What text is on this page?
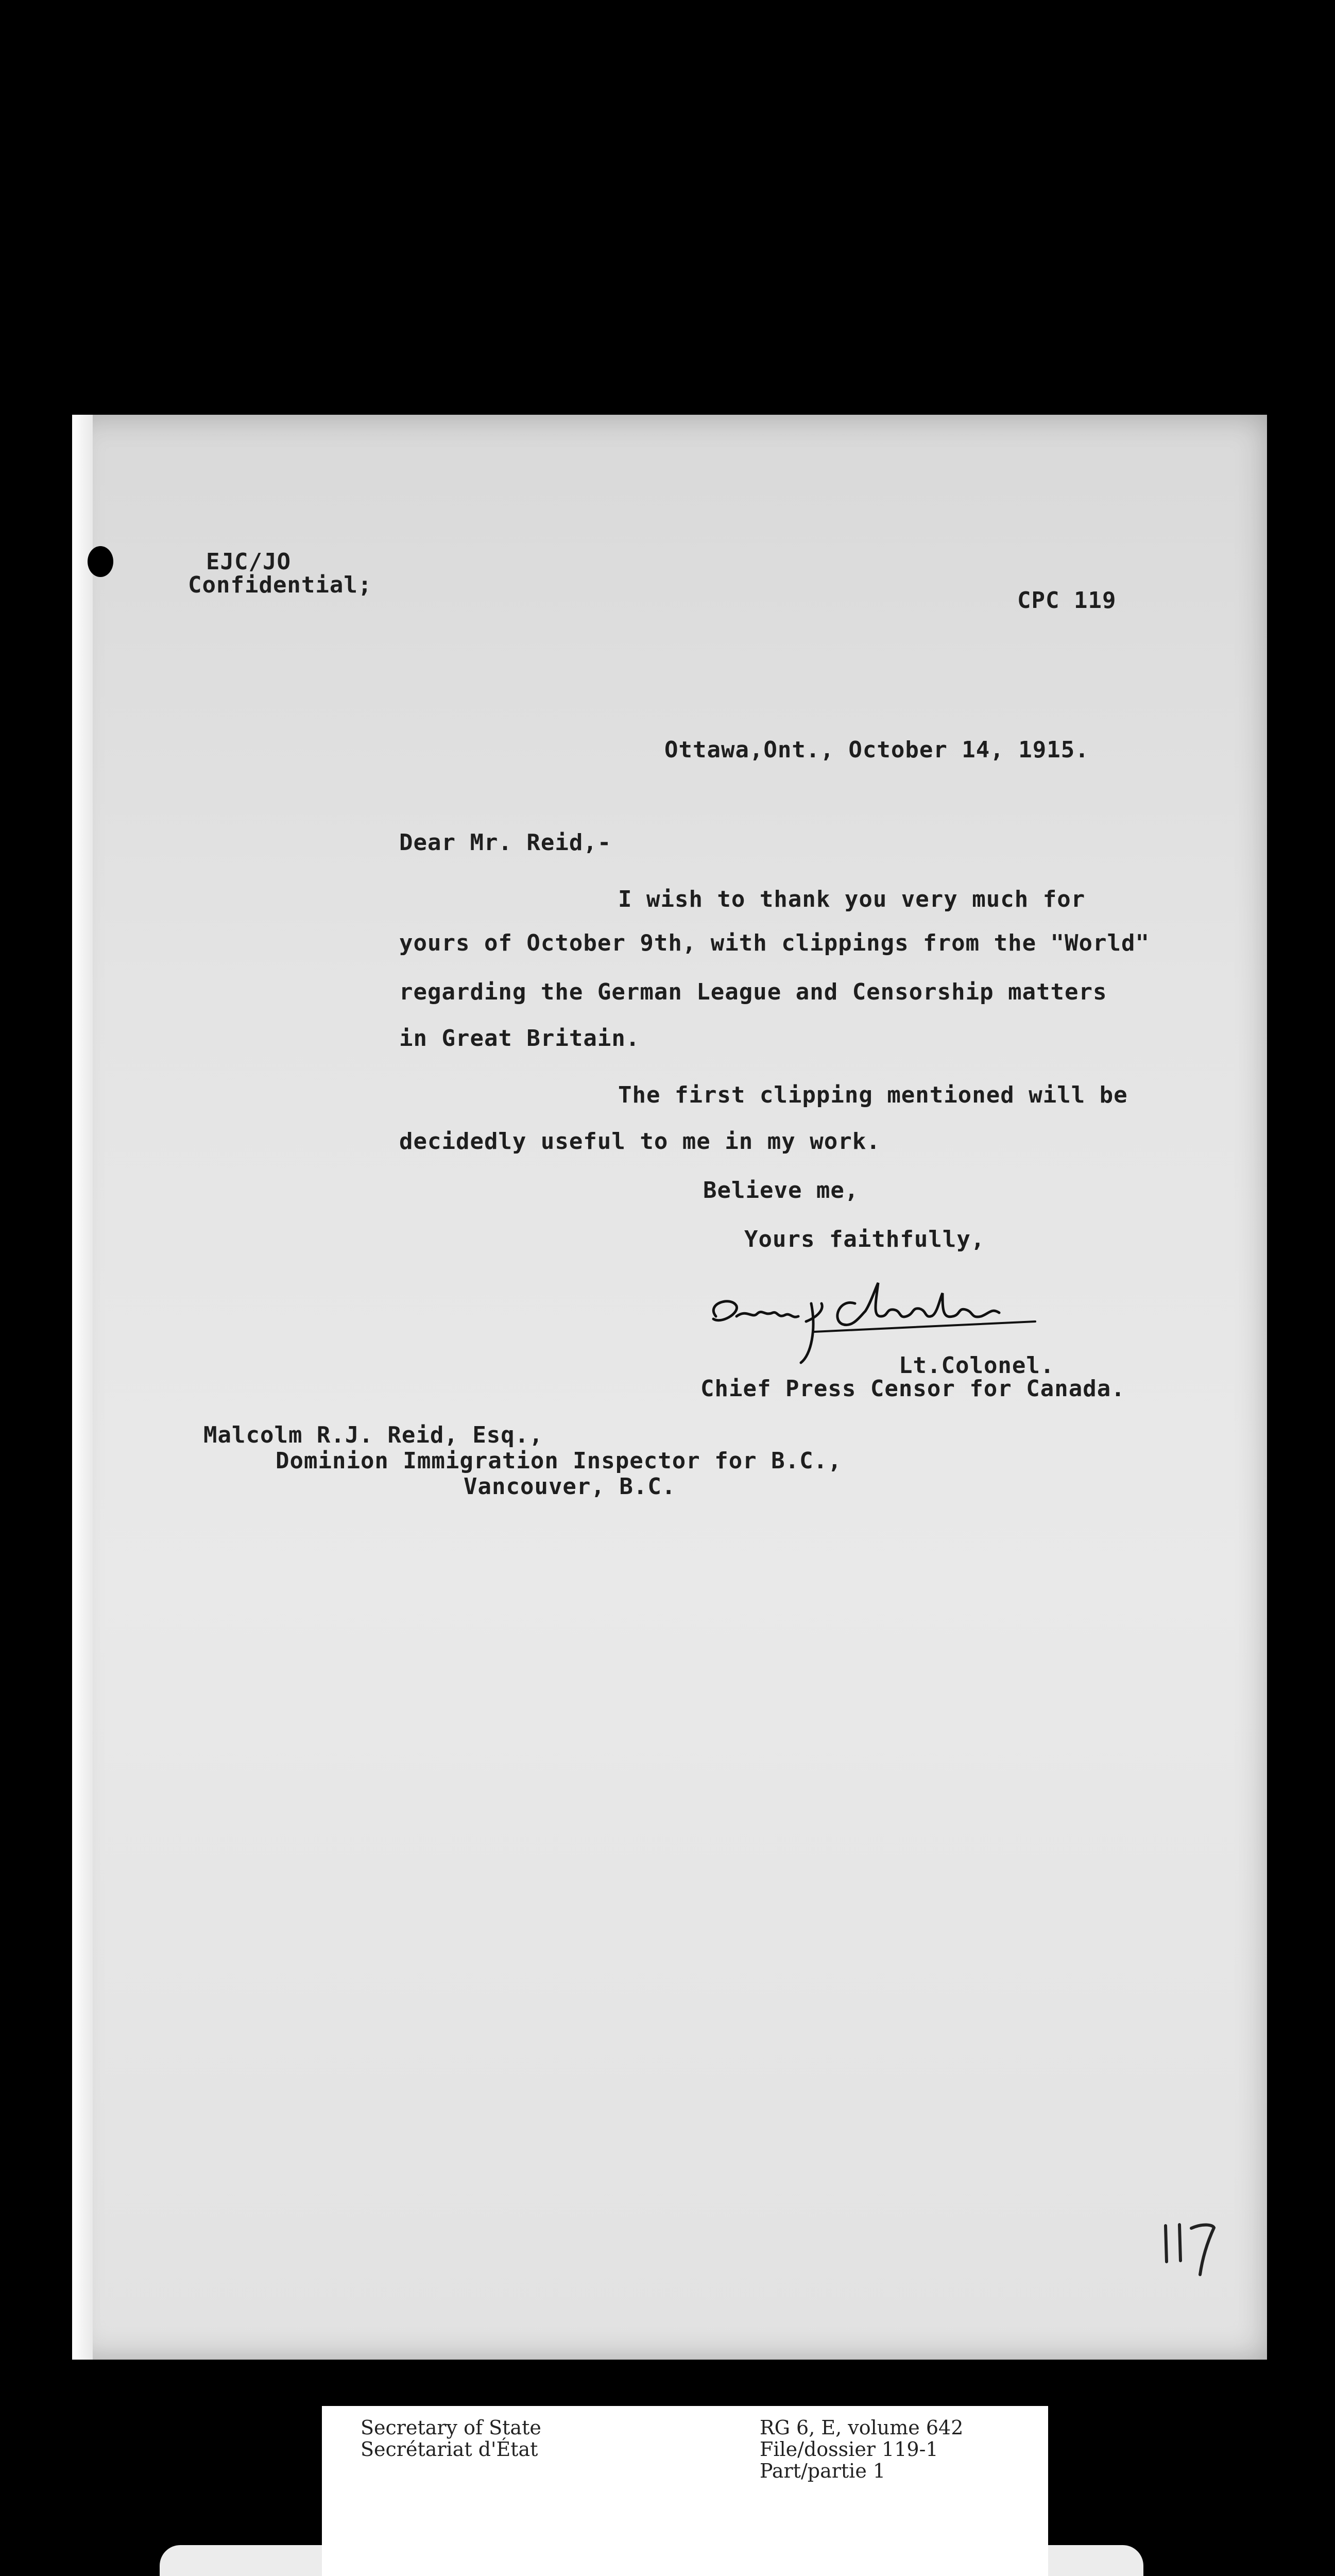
EJC/JO
Confidential;
CPC 119
Ottawa,Ont., October 14, 1915.
Dear Mr. Reid,-
I wish to thank you very much for
yours of October 9th, with clippings from the "World"
regarding the German League and Censorship matters
in Great Britain.
The first clipping mentioned will be
decidedly useful to me in my work.
Believe me,
Yours faithfully,
Lt.Colonel.
Chief Press Censor for Canada.
Malcolm R.J. Reid, Esq.,
Dominion Immigration Inspector for B.C.,
Vancouver, B.C.
Secretary of State
Secrétariat d'État
RG 6, E, volume 642
File/dossier 119-1
Part/partie 1
